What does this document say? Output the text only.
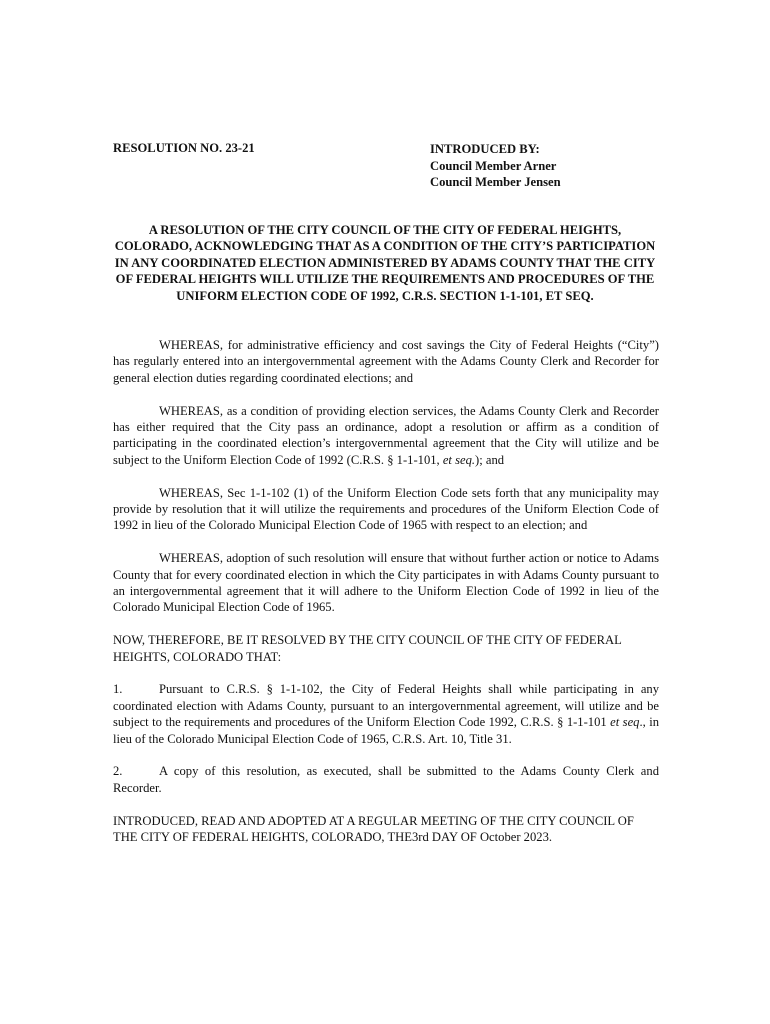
RESOLUTION NO. 23-21	INTRODUCED BY:
Council Member Arner
Council Member Jensen
A RESOLUTION OF THE CITY COUNCIL OF THE CITY OF FEDERAL HEIGHTS, COLORADO, ACKNOWLEDGING THAT AS A CONDITION OF THE CITY’S PARTICIPATION IN ANY COORDINATED ELECTION ADMINISTERED BY ADAMS COUNTY THAT THE CITY OF FEDERAL HEIGHTS WILL UTILIZE THE REQUIREMENTS AND PROCEDURES OF THE UNIFORM ELECTION CODE OF 1992, C.R.S. SECTION 1-1-101, ET SEQ.

WHEREAS, for administrative efficiency and cost savings the City of Federal Heights (“City”) has regularly entered into an intergovernmental agreement with the Adams County Clerk and Recorder for general election duties regarding coordinated elections; and

WHEREAS, as a condition of providing election services, the Adams County Clerk and Recorder has either required that the City pass an ordinance, adopt a resolution or affirm as a condition of participating in the coordinated election’s intergovernmental agreement that the City will utilize and be subject to the Uniform Election Code of 1992 (C.R.S. § 1-1-101, et seq.); and

WHEREAS, Sec 1-1-102 (1) of the Uniform Election Code sets forth that any municipality may provide by resolution that it will utilize the requirements and procedures of the Uniform Election Code of 1992 in lieu of the Colorado Municipal Election Code of 1965 with respect to an election; and

WHEREAS, adoption of such resolution will ensure that without further action or notice to Adams County that for every coordinated election in which the City participates in with Adams County pursuant to an intergovernmental agreement that it will adhere to the Uniform Election Code of 1992 in lieu of the Colorado Municipal Election Code of 1965.

NOW, THEREFORE, BE IT RESOLVED BY THE CITY COUNCIL OF THE CITY OF FEDERAL HEIGHTS, COLORADO THAT:

1.	Pursuant to C.R.S. § 1-1-102, the City of Federal Heights shall while participating in any coordinated election with Adams County, pursuant to an intergovernmental agreement, will utilize and be subject to the requirements and procedures of the Uniform Election Code 1992, C.R.S. § 1-1-101 et seq., in lieu of the Colorado Municipal Election Code of 1965, C.R.S. Art. 10, Title 31.

2.	A copy of this resolution, as executed, shall be submitted to the Adams County Clerk and Recorder.

INTRODUCED, READ AND ADOPTED AT A REGULAR MEETING OF THE CITY COUNCIL OF THE CITY OF FEDERAL HEIGHTS, COLORADO, THE3rd DAY OF October 2023.
